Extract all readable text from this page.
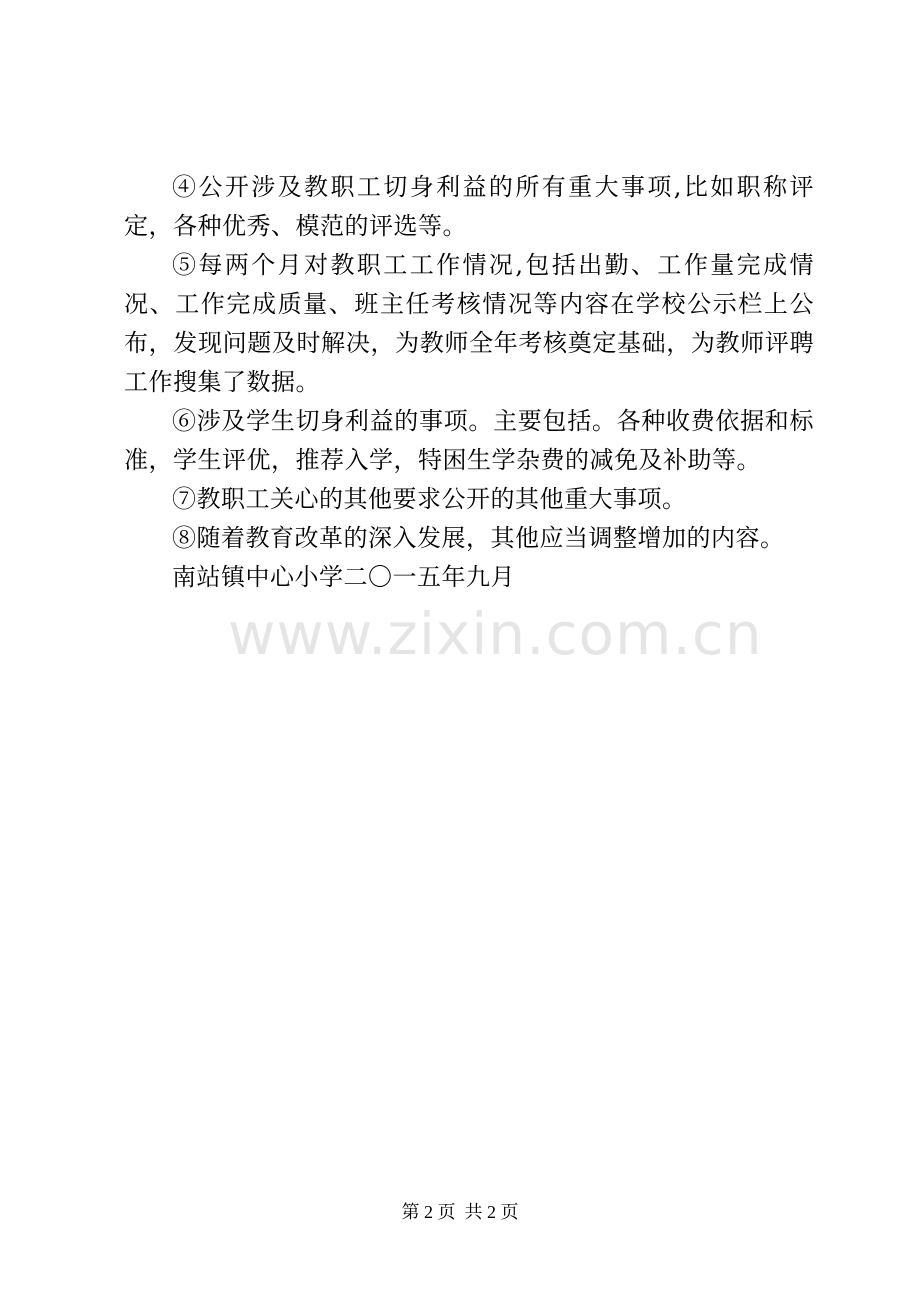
④公开涉及教职工切身利益的所有重大事项,比如职称评定，各种优秀、模范的评选等。

⑤每两个月对教职工工作情况,包括出勤、工作量完成情况、工作完成质量、班主任考核情况等内容在学校公示栏上公布，发现问题及时解决，为教师全年考核奠定基础，为教师评聘工作搜集了数据。

⑥涉及学生切身利益的事项。主要包括。各种收费依据和标准，学生评优，推荐入学，特困生学杂费的减免及补助等。

⑦教职工关心的其他要求公开的其他重大事项。

⑧随着教育改革的深入发展，其他应当调整增加的内容。

南站镇中心小学二〇一五年九月

www.zixin.com.cn
第 2 页  共 2 页
